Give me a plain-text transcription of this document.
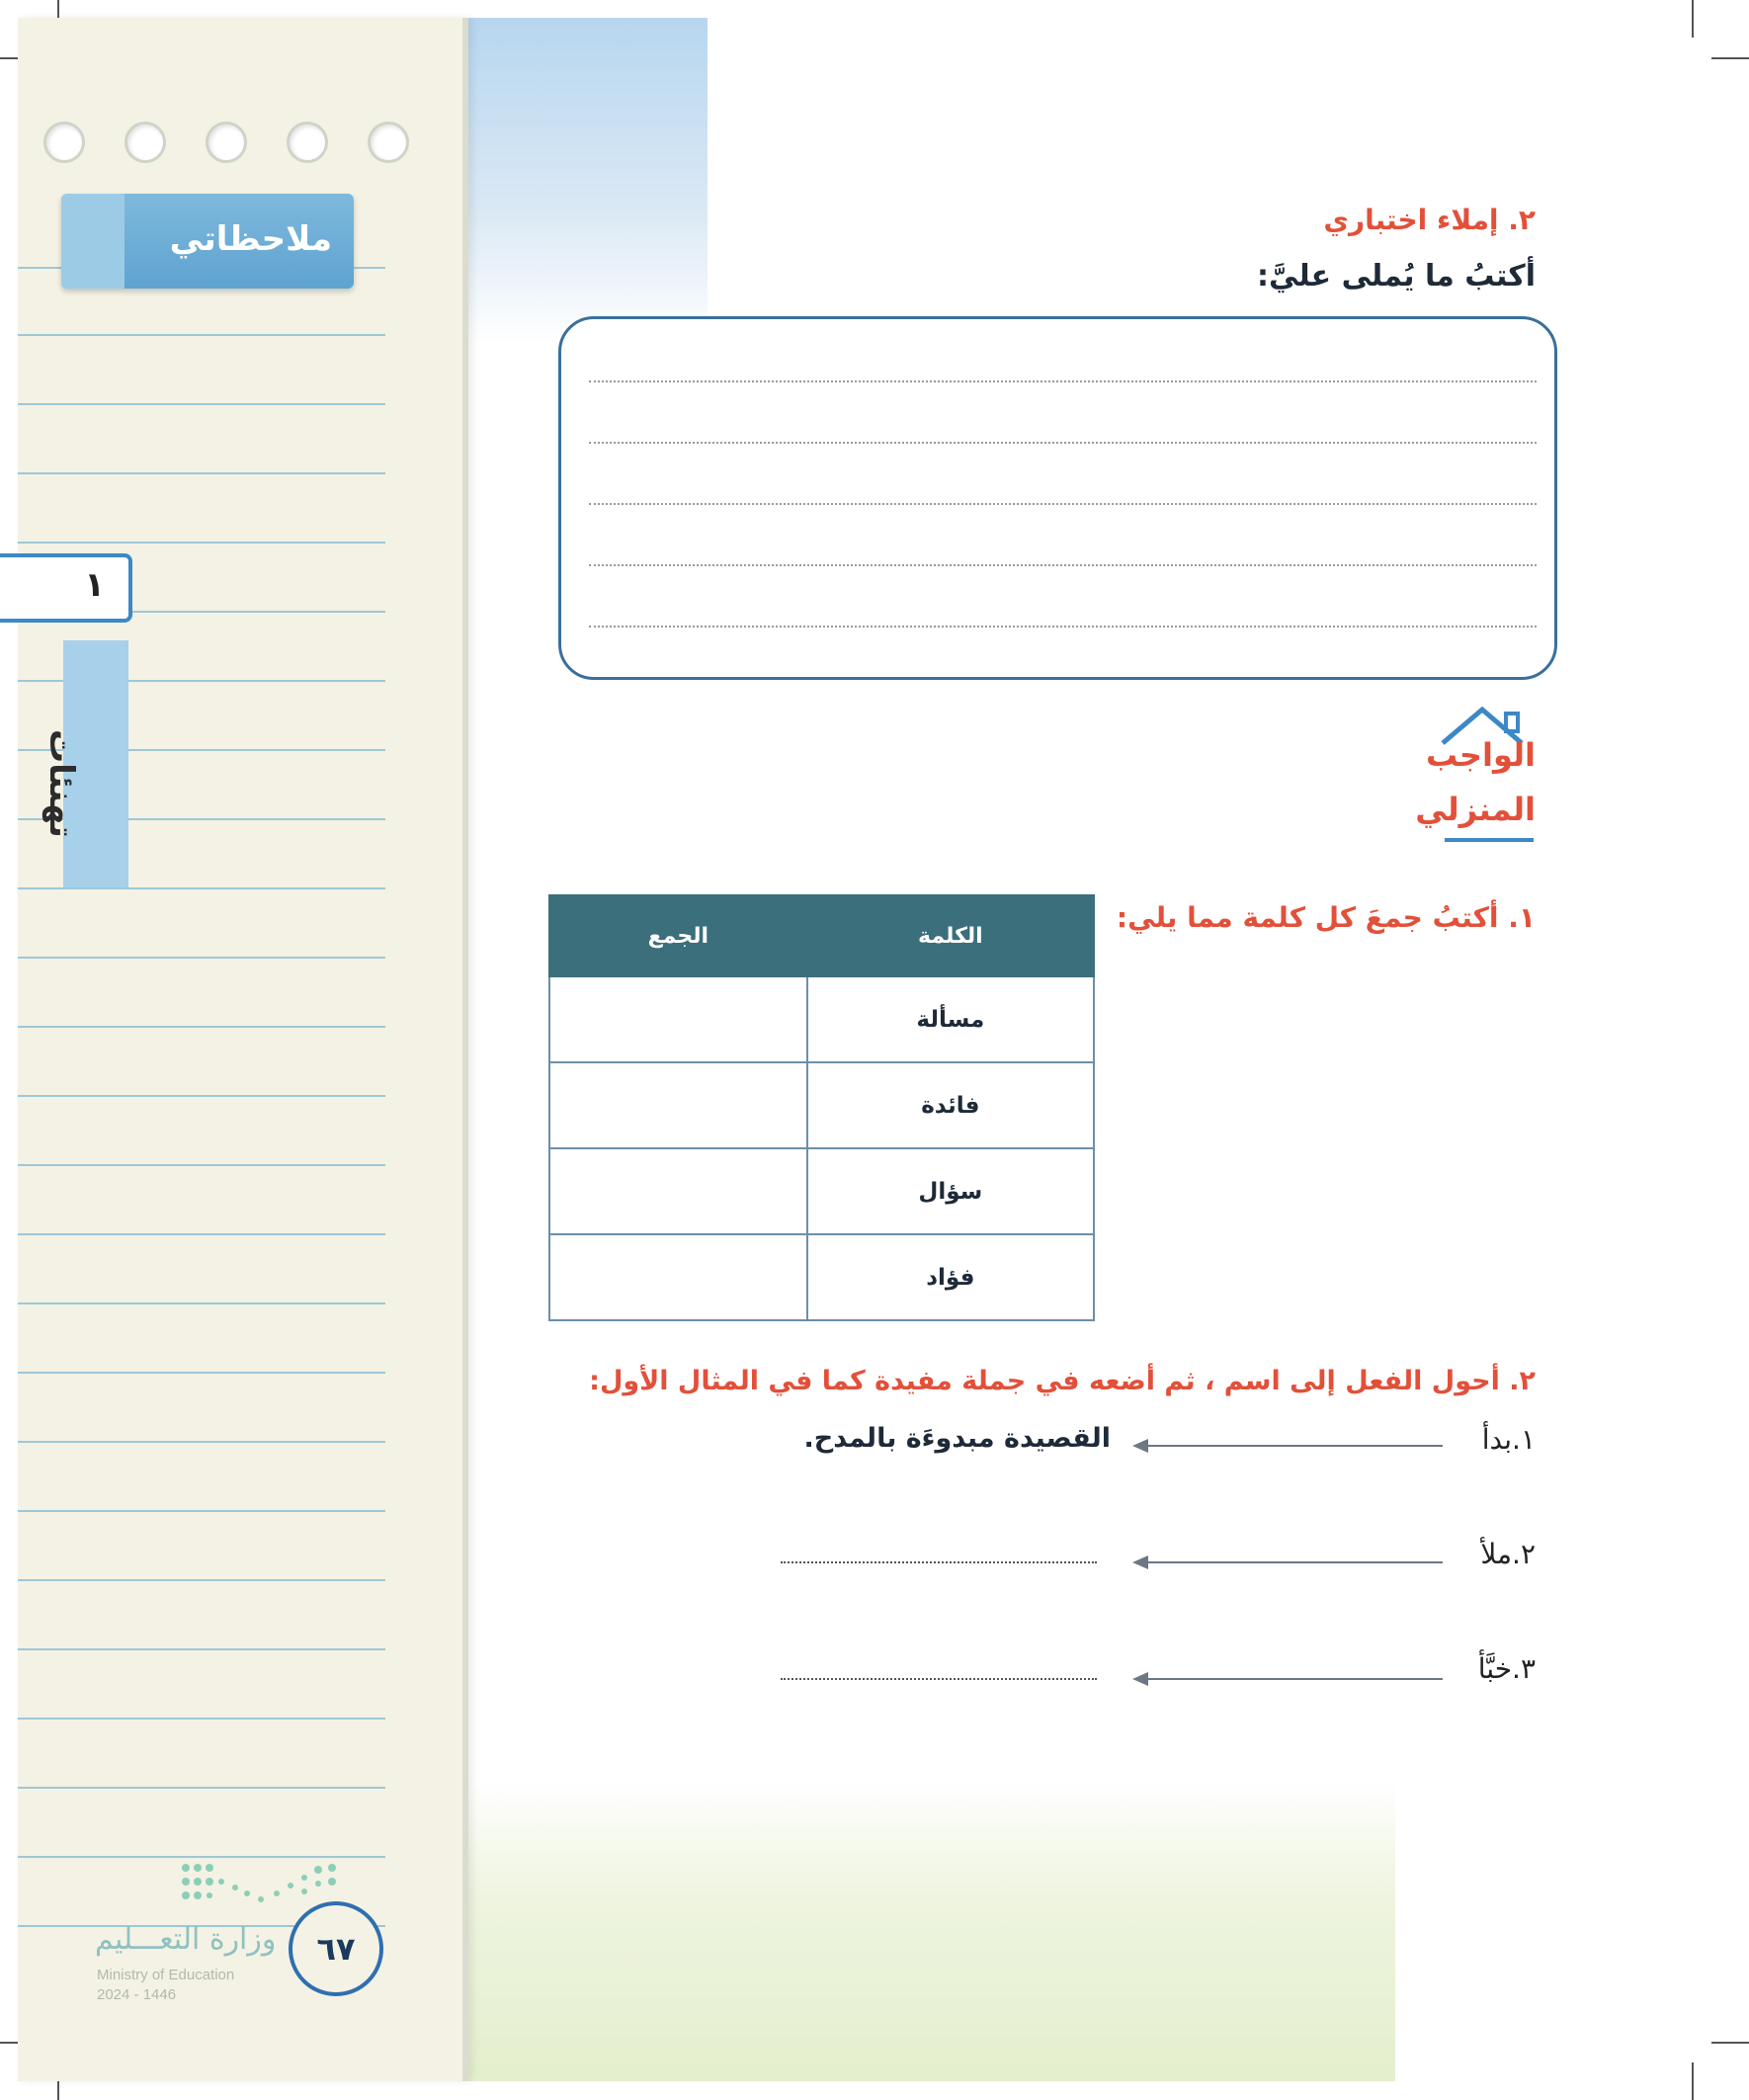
ملاحظاتي
١
تهنئات
٢. إملاء اختباري
أكتبُ ما يُملى عليَّ:
الواجب
المنزلي
١. أكتبُ جمعَ كل كلمة مما يلي:
الجمع	الكلمة
	مسألة
	فائدة
	سؤال
	فؤاد
٢. أحول الفعل إلى اسم ، ثم أضعه في جملة مفيدة كما في المثال الأول:
١.بدأ
القصيدة مبدوءَة بالمدح.
٢.ملأ
٣.خبَّأ
٦٧
وزارة التعـــليم
Ministry of Education
2024 - 1446
